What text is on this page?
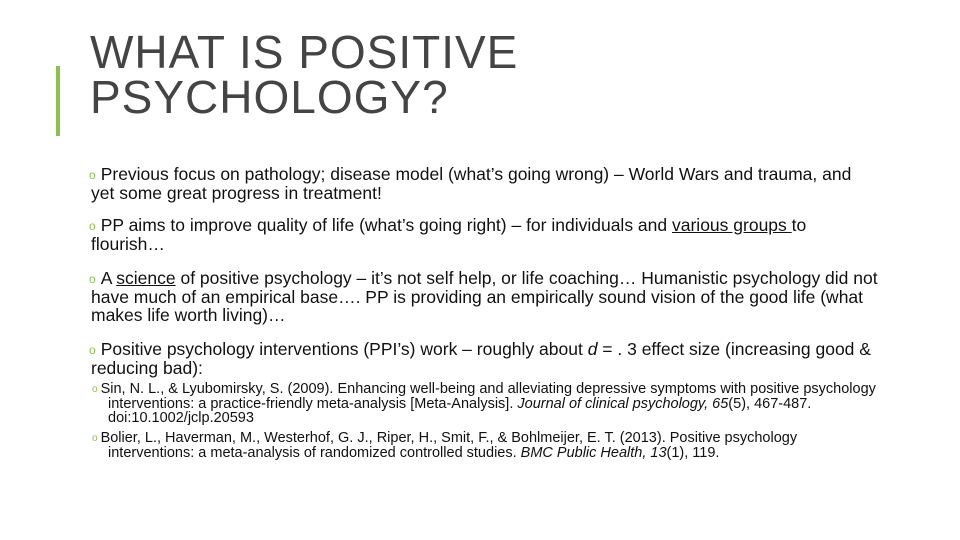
WHAT IS POSITIVE
PSYCHOLOGY?
o Previous focus on pathology; disease model (what’s going wrong) – World Wars and trauma, and yet some great progress in treatment!
o PP aims to improve quality of life (what’s going right) – for individuals and various groups to flourish…
o A science of positive psychology – it’s not self help, or life coaching… Humanistic psychology did not have much of an empirical base…. PP is providing an empirically sound vision of the good life (what makes life worth living)…
o Positive psychology interventions (PPI’s) work – roughly about d = . 3 effect size (increasing good & reducing bad):
o Sin, N. L., & Lyubomirsky, S. (2009). Enhancing well-being and alleviating depressive symptoms with positive psychology interventions: a practice-friendly meta-analysis [Meta-Analysis]. Journal of clinical psychology, 65(5), 467-487. doi:10.1002/jclp.20593
o Bolier, L., Haverman, M., Westerhof, G. J., Riper, H., Smit, F., & Bohlmeijer, E. T. (2013). Positive psychology interventions: a meta-analysis of randomized controlled studies. BMC Public Health, 13(1), 119.
